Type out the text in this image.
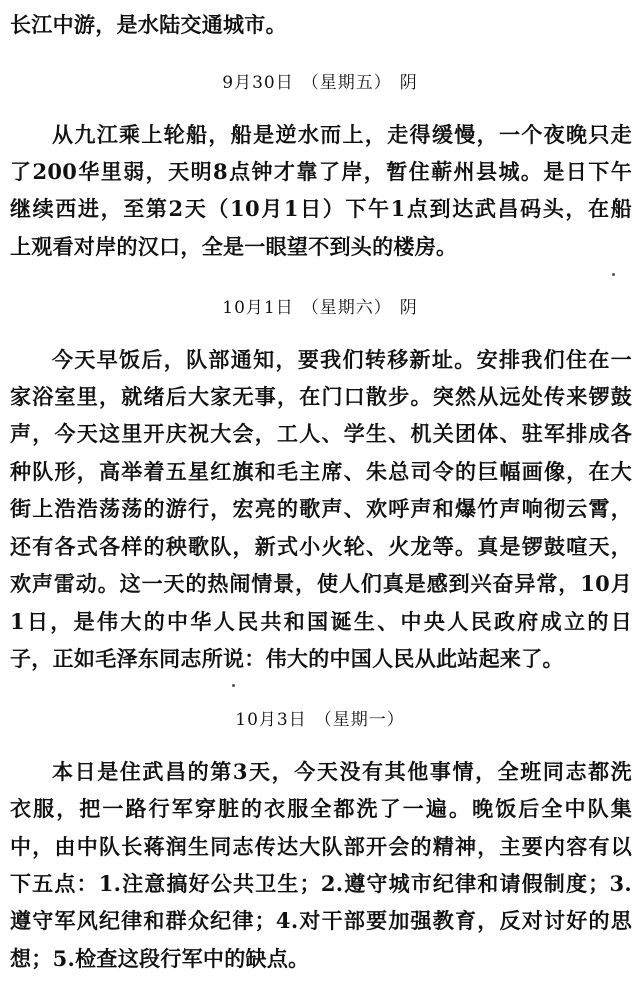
长江中游，是水陆交通城市。
9月30日 （星期五） 阴
从九江乘上轮船，船是逆水而上，走得缓慢，一个夜晚只走
了200华里弱，天明8点钟才靠了岸，暂住蕲州县城。是日下午
继续西进，至第2天（10月1日）下午1点到达武昌码头，在船
上观看对岸的汉口，全是一眼望不到头的楼房。
10月1日 （星期六） 阴
今天早饭后，队部通知，要我们转移新址。安排我们住在一
家浴室里，就绪后大家无事，在门口散步。突然从远处传来锣鼓
声，今天这里开庆祝大会，工人、学生、机关团体、驻军排成各
种队形，高举着五星红旗和毛主席、朱总司令的巨幅画像，在大
街上浩浩荡荡的游行，宏亮的歌声、欢呼声和爆竹声响彻云霄，
还有各式各样的秧歌队，新式小火轮、火龙等。真是锣鼓喧天，
欢声雷动。这一天的热闹情景，使人们真是感到兴奋异常，10月
1日，是伟大的中华人民共和国诞生、中央人民政府成立的日
子，正如毛泽东同志所说：伟大的中国人民从此站起来了。
10月3日 （星期一）
本日是住武昌的第3天，今天没有其他事情，全班同志都洗
衣服，把一路行军穿脏的衣服全都洗了一遍。晚饭后全中队集
中，由中队长蒋润生同志传达大队部开会的精神，主要内容有以
下五点：1.注意搞好公共卫生；2.遵守城市纪律和请假制度；3.
遵守军风纪律和群众纪律；4.对干部要加强教育，反对讨好的思
想；5.检查这段行军中的缺点。
